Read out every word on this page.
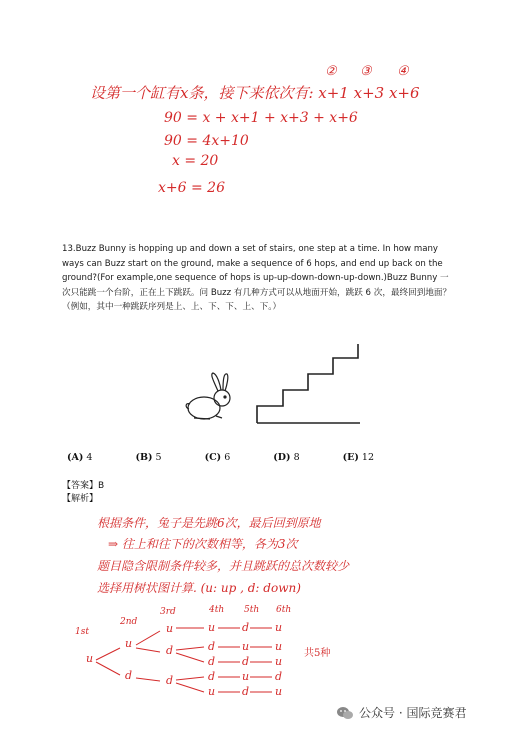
设第一个缸有x条，接下来依次有: x+1 x+3 x+6
② ③ ④
90 = x + x+1 + x+3 + x+6
90 = 4x+10
x = 20
x+6 = 26
13.Buzz Bunny is hopping up and down a set of stairs, one step at a time. In how many ways can Buzz start on the ground, make a sequence of 6 hops, and end up back on the ground?(For example,one sequence of hops is up-up-down-down-up-down.)Buzz Bunny 一次只能跳一个台阶，正在上下跳跃。问 Buzz 有几种方式可以从地面开始，跳跃 6 次，最终回到地面？（例如，其中一种跳跃序列是上、上、下、下、上、下。）
(A) 4	(B) 5	(C) 6	(D) 8	(E) 12
【答案】B
【解析】
根据条件，兔子是先跳6次，最后回到原地
⇒ 往上和往下的次数相等，各为3次
题目隐含限制条件较多，并且跳跃的总次数较少
选择用树状图计算. (u: up , d: down)
1st
2nd
3rd	4th 5th 6th
u
u
d
u
d
d
u d u
d u u
d d u
d u d
u d u
共5种
公众号 · 国际竞赛君
